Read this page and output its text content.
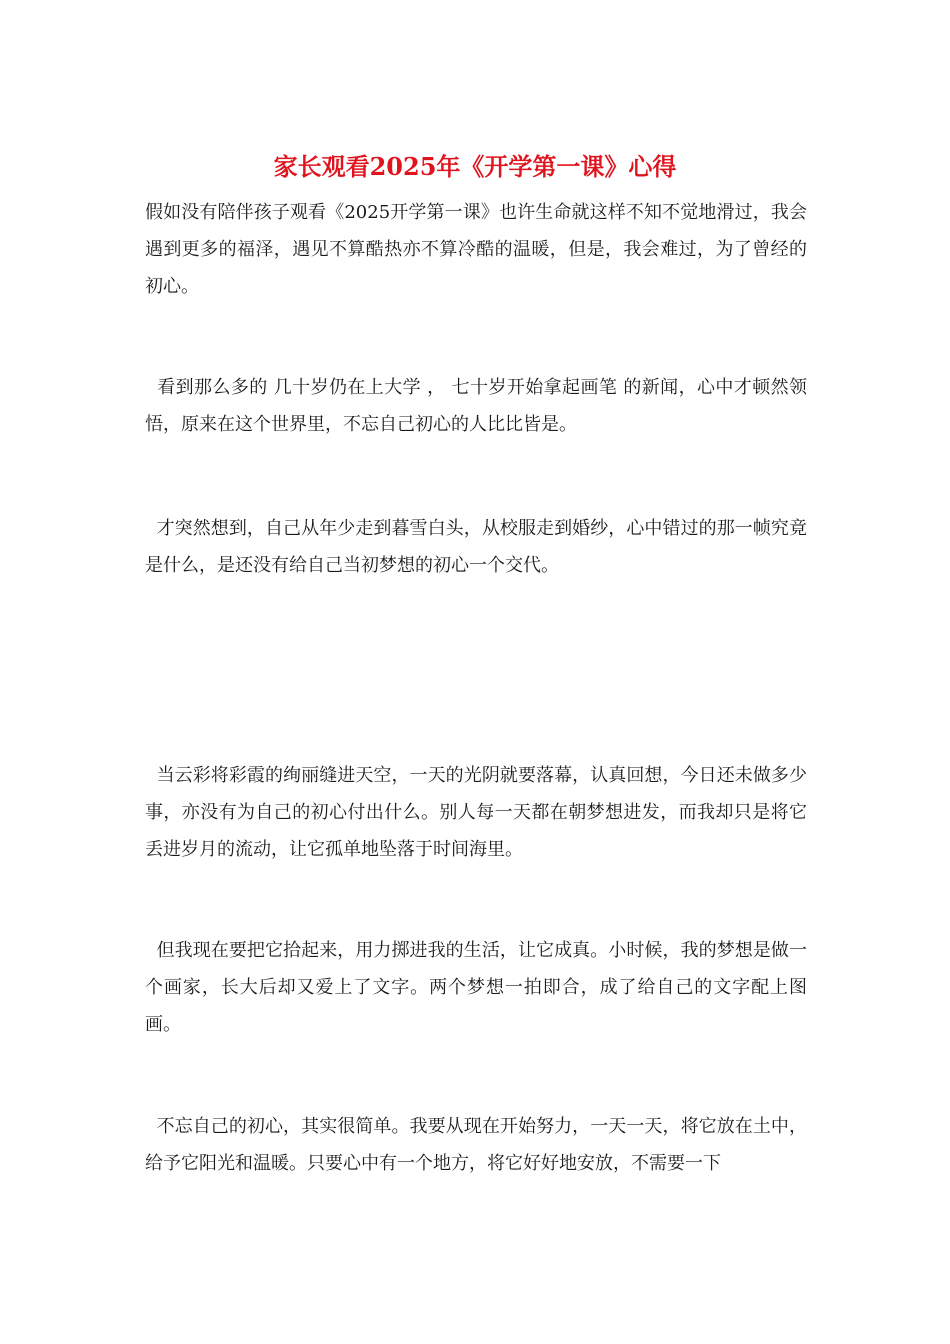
家长观看2025年《开学第一课》心得

假如没有陪伴孩子观看《2025开学第一课》也许生命就这样不知不觉地滑过，我会遇到更多的福泽，遇见不算酷热亦不算冷酷的温暖，但是，我会难过，为了曾经的初心。

看到那么多的 几十岁仍在上大学 ， 七十岁开始拿起画笔 的新闻，心中才顿然领悟，原来在这个世界里，不忘自己初心的人比比皆是。

才突然想到，自己从年少走到暮雪白头，从校服走到婚纱，心中错过的那一帧究竟是什么，是还没有给自己当初梦想的初心一个交代。

当云彩将彩霞的绚丽缝进天空，一天的光阴就要落幕，认真回想，今日还未做多少事，亦没有为自己的初心付出什么。别人每一天都在朝梦想进发，而我却只是将它丢进岁月的流动，让它孤单地坠落于时间海里。

但我现在要把它拾起来，用力掷进我的生活，让它成真。小时候，我的梦想是做一个画家，长大后却又爱上了文字。两个梦想一拍即合，成了给自己的文字配上图画。

不忘自己的初心，其实很简单。我要从现在开始努力，一天一天，将它放在土中，给予它阳光和温暖。只要心中有一个地方，将它好好地安放，不需要一下
